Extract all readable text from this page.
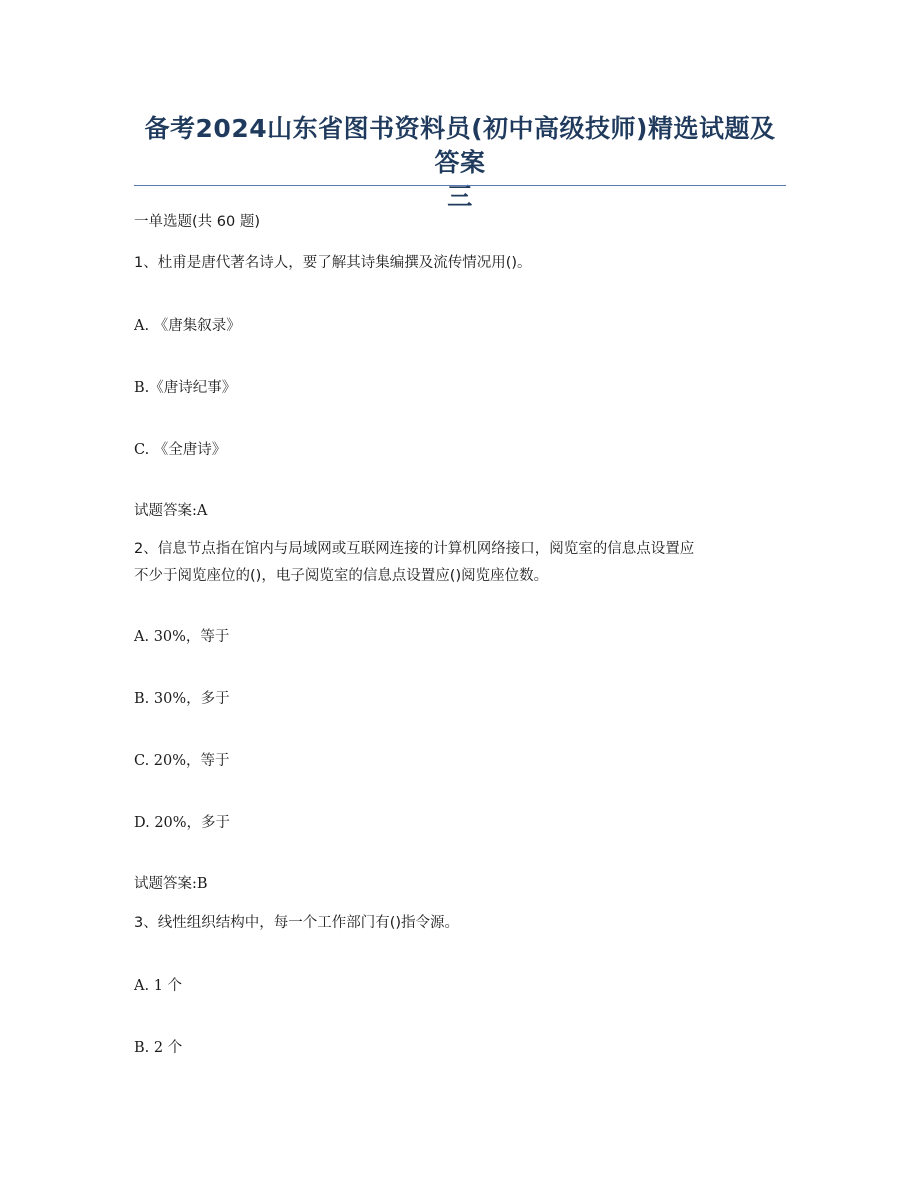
备考2024山东省图书资料员(初中高级技师)精选试题及答案
三
一单选题(共 60 题)
1、杜甫是唐代著名诗人，要了解其诗集编撰及流传情况用()。
A. 《唐集叙录》
B.《唐诗纪事》
C. 《全唐诗》
试题答案:A
2、信息节点指在馆内与局域网或互联网连接的计算机网络接口，阅览室的信息点设置应
不少于阅览座位的()，电子阅览室的信息点设置应()阅览座位数。
A. 30%，等于
B. 30%，多于
C. 20%，等于
D. 20%，多于
试题答案:B
3、线性组织结构中，每一个工作部门有()指令源。
A. 1 个
B. 2 个
